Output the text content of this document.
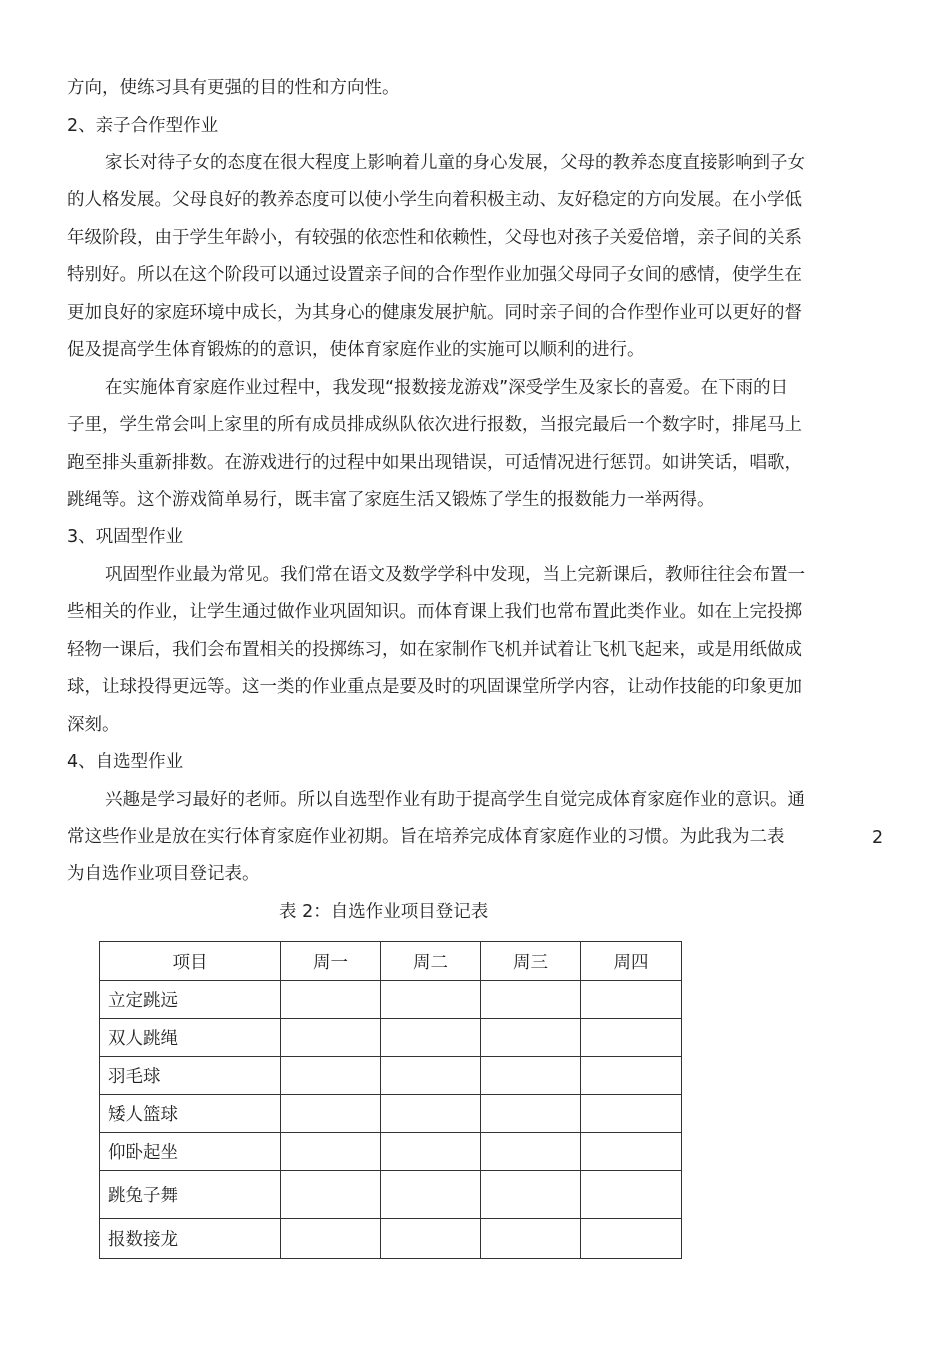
方向，使练习具有更强的目的性和方向性。
2、亲子合作型作业
家长对待子女的态度在很大程度上影响着儿童的身心发展，父母的教养态度直接影响到子女
的人格发展。父母良好的教养态度可以使小学生向着积极主动、友好稳定的方向发展。在小学低
年级阶段，由于学生年龄小，有较强的依恋性和依赖性，父母也对孩子关爱倍增，亲子间的关系
特别好。所以在这个阶段可以通过设置亲子间的合作型作业加强父母同子女间的感情，使学生在
更加良好的家庭环境中成长，为其身心的健康发展护航。同时亲子间的合作型作业可以更好的督
促及提高学生体育锻炼的的意识，使体育家庭作业的实施可以顺利的进行。
在实施体育家庭作业过程中，我发现“报数接龙游戏”深受学生及家长的喜爱。在下雨的日
子里，学生常会叫上家里的所有成员排成纵队依次进行报数，当报完最后一个数字时，排尾马上
跑至排头重新排数。在游戏进行的过程中如果出现错误，可适情况进行惩罚。如讲笑话，唱歌，
跳绳等。这个游戏简单易行，既丰富了家庭生活又锻炼了学生的报数能力一举两得。
3、巩固型作业
巩固型作业最为常见。我们常在语文及数学学科中发现，当上完新课后，教师往往会布置一
些相关的作业，让学生通过做作业巩固知识。而体育课上我们也常布置此类作业。如在上完投掷
轻物一课后，我们会布置相关的投掷练习，如在家制作飞机并试着让飞机飞起来，或是用纸做成
球，让球投得更远等。这一类的作业重点是要及时的巩固课堂所学内容，让动作技能的印象更加
深刻。
4、自选型作业
兴趣是学习最好的老师。所以自选型作业有助于提高学生自觉完成体育家庭作业的意识。通
常这些作业是放在实行体育家庭作业初期。旨在培养完成体育家庭作业的习惯。为此我为二表
为自选作业项目登记表。
2
表 2：自选作业项目登记表
项目	周一	周二	周三	周四
立定跳远				
双人跳绳				
羽毛球				
矮人篮球				
仰卧起坐				
跳兔子舞				
报数接龙				
